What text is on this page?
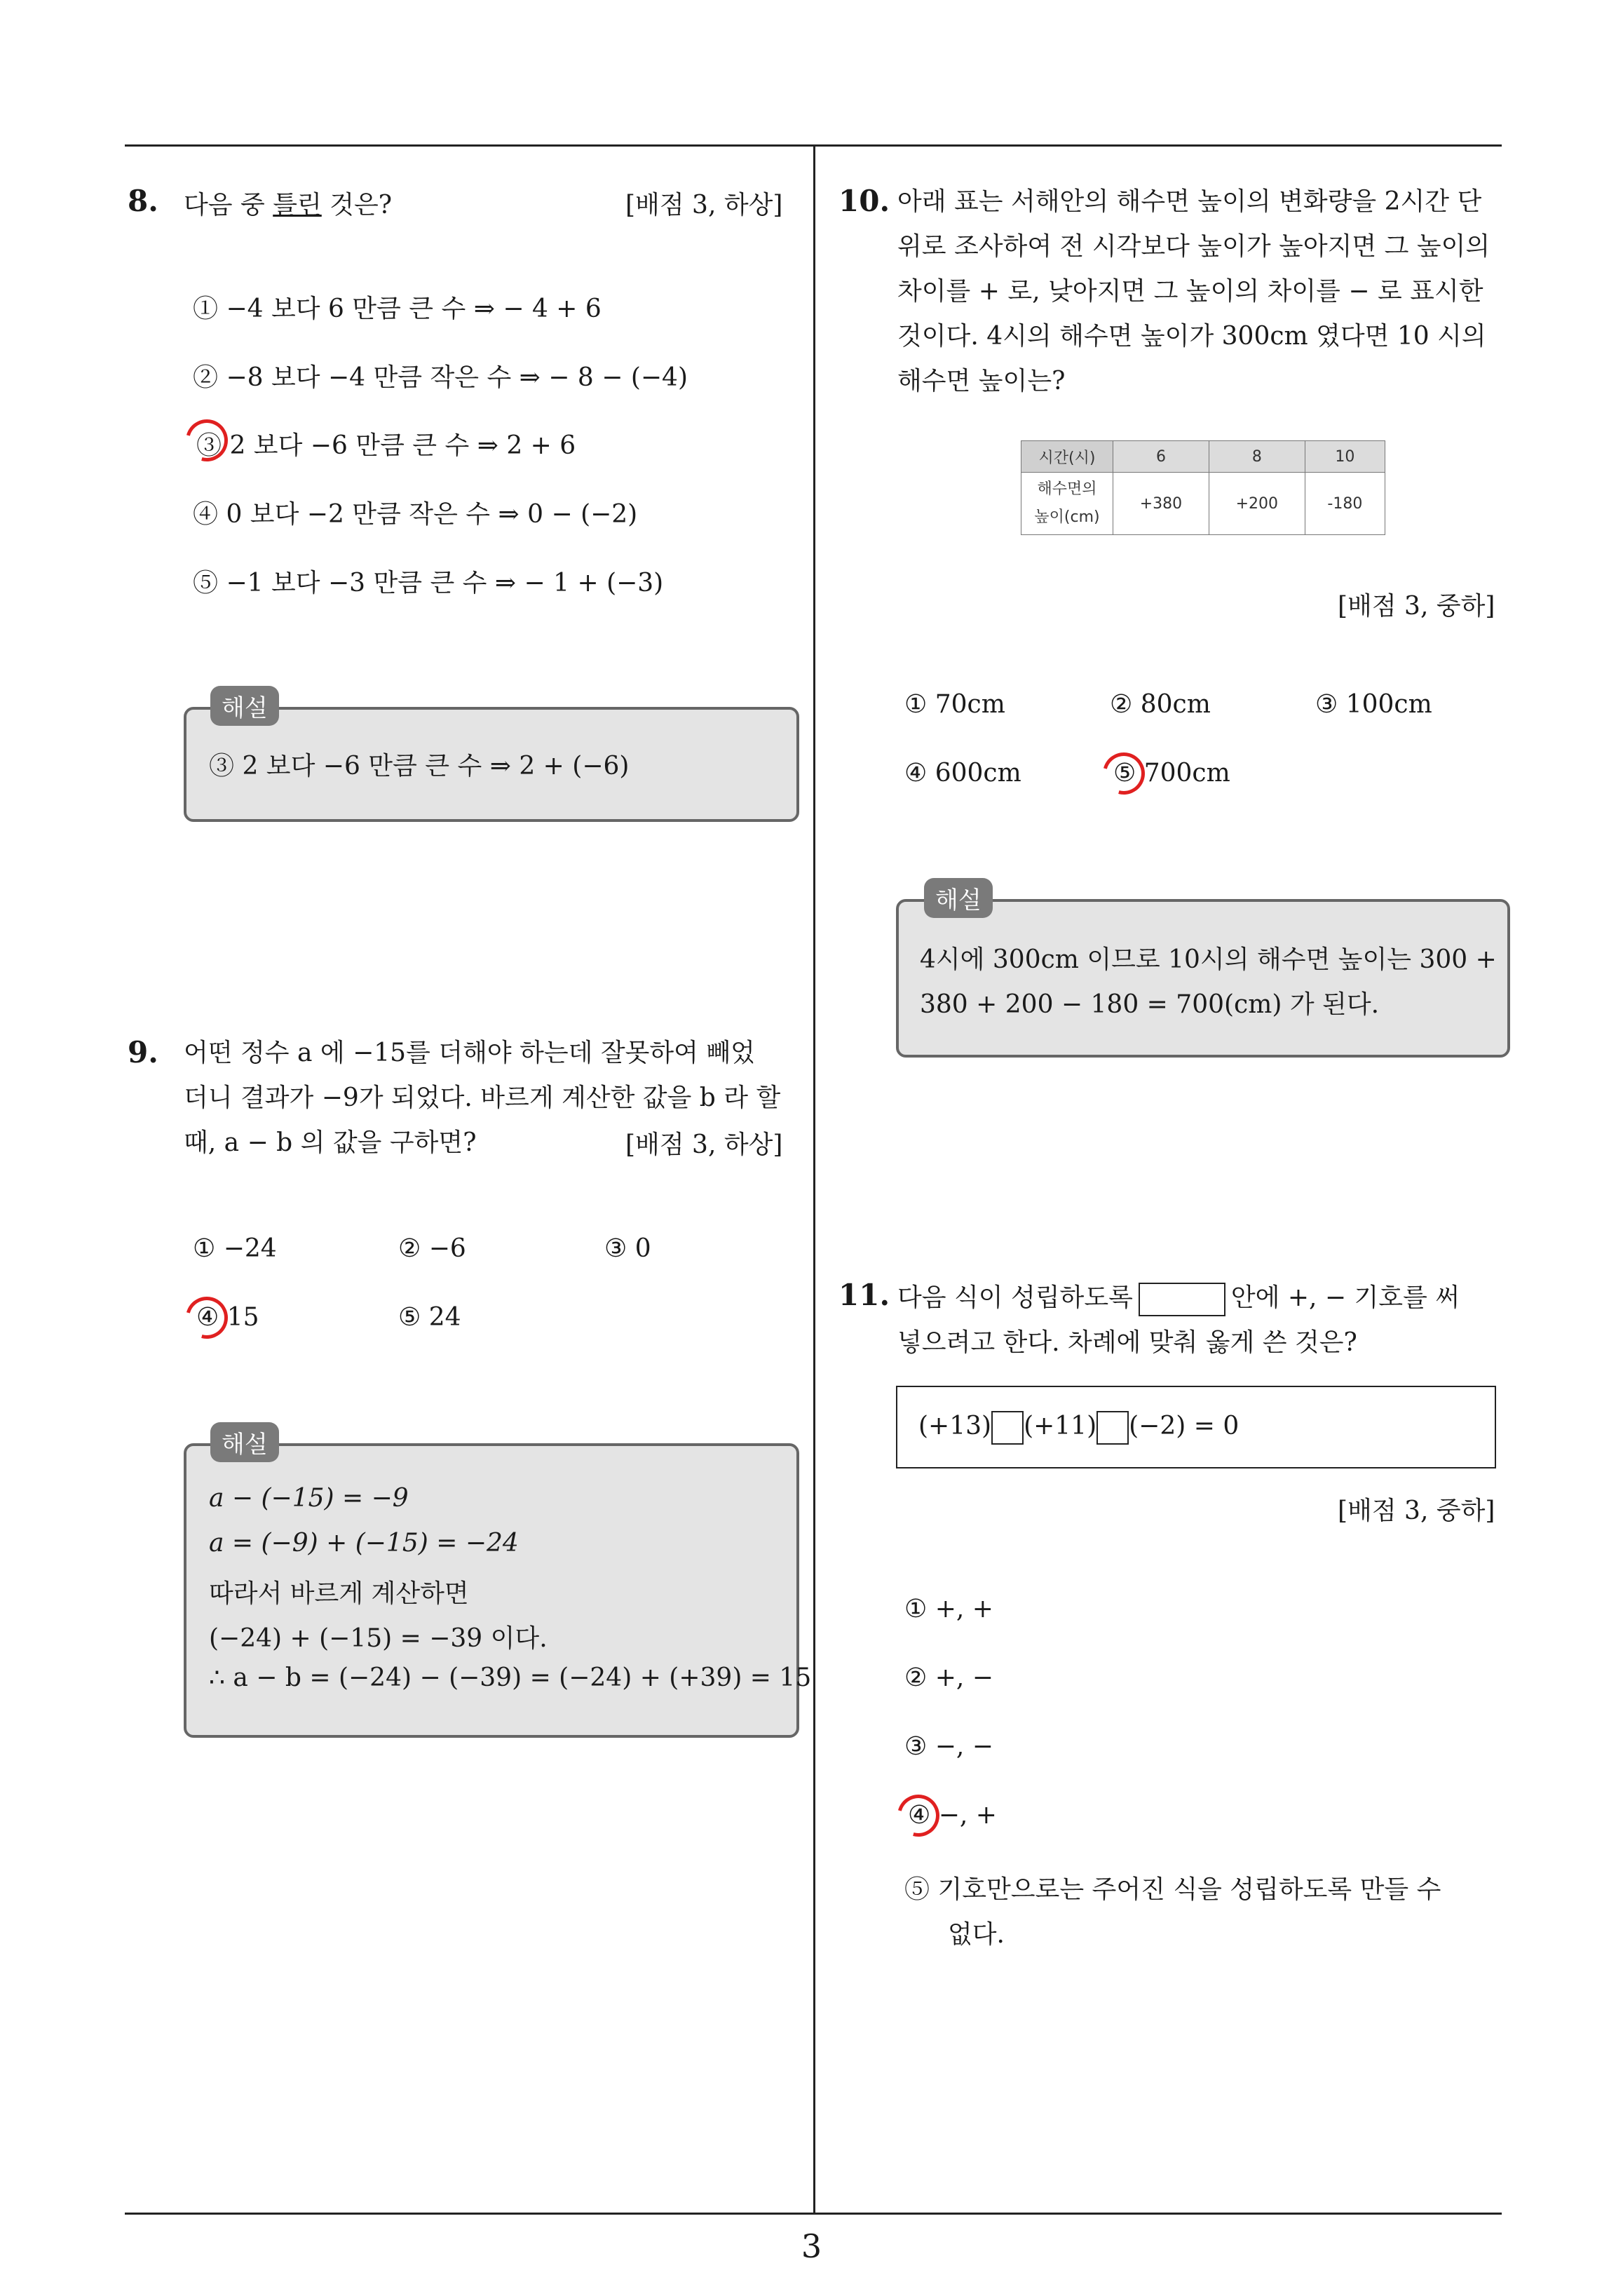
8. 다음 중 틀린 것은?	[배점 3, 하상]
① −4 보다 6 만큼 큰 수 ⇒ − 4 + 6
② −8 보다 −4 만큼 작은 수 ⇒ − 8 − (−4)
③ 2 보다 −6 만큼 큰 수 ⇒ 2 + 6
④ 0 보다 −2 만큼 작은 수 ⇒ 0 − (−2)
⑤ −1 보다 −3 만큼 큰 수 ⇒ − 1 + (−3)
해설
③ 2 보다 −6 만큼 큰 수 ⇒ 2 + (−6)
9. 어떤 정수 a 에 −15를 더해야 하는데 잘못하여 빼었
더니 결과가 −9가 되었다. 바르게 계산한 값을 b 라 할
때, a − b 의 값을 구하면?	[배점 3, 하상]
① −24	② −6	③ 0
④ 15	⑤ 24
해설
a − (−15) = −9
a = (−9) + (−15) = −24
따라서 바르게 계산하면
(−24) + (−15) = −39 이다.
∴ a − b = (−24) − (−39) = (−24) + (+39) = 15
10. 아래 표는 서해안의 해수면 높이의 변화량을 2시간 단
위로 조사하여 전 시각보다 높이가 높아지면 그 높이의
차이를 + 로, 낮아지면 그 높이의 차이를 − 로 표시한
것이다. 4시의 해수면 높이가 300cm 였다면 10 시의
해수면 높이는?
시간(시)	6	8	10

해수면의
높이(cm)	+380	+200	-180
[배점 3, 중하]
① 70cm	② 80cm	③ 100cm
④ 600cm	⑤ 700cm
해설
4시에 300cm 이므로 10시의 해수면 높이는 300 +
380 + 200 − 180 = 700(cm) 가 된다.
11. 다음 식이 성립하도록	안에 +, − 기호를 써
넣으려고 한다. 차례에 맞춰 옳게 쓴 것은?
(+13) (+11) (−2) = 0
[배점 3, 중하]
① +, +
② +, −
③ −, −
④ −, +
⑤ 기호만으로는 주어진 식을 성립하도록 만들 수
없다.
3
